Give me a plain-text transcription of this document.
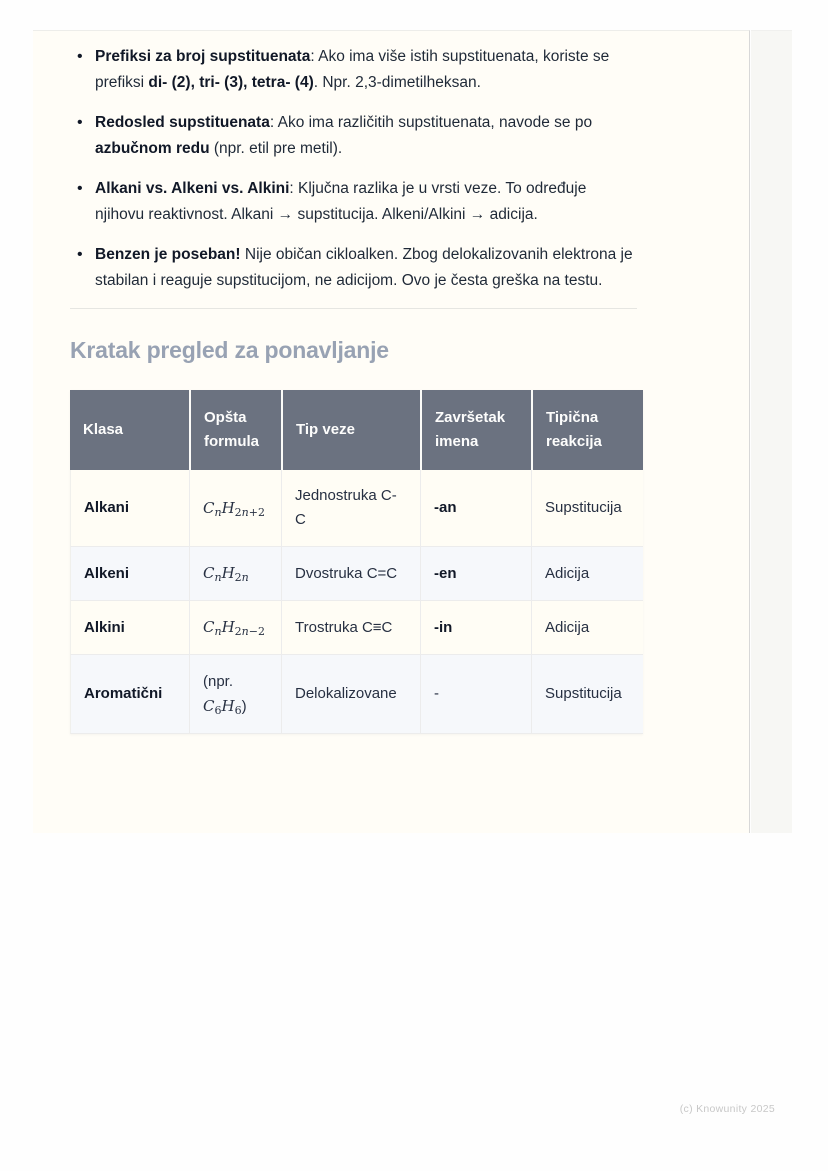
• Prefiksi za broj supstituenata: Ako ima više istih supstituenata, koriste se prefiksi di- (2), tri- (3), tetra- (4). Npr. 2,3-dimetilheksan.
• Redosled supstituenata: Ako ima različitih supstituenata, navode se po azbučnom redu (npr. etil pre metil).
• Alkani vs. Alkeni vs. Alkini: Ključna razlika je u vrsti veze. To određuje njihovu reaktivnost. Alkani → supstitucija. Alkeni/Alkini → adicija.
• Benzen je poseban! Nije običan cikloalken. Zbog delokalizovanih elektrona je stabilan i reaguje supstitucijom, ne adicijom. Ovo je česta greška na testu.
Kratak pregled za ponavljanje
Klasa	Opšta formula	Tip veze	Završetak imena	Tipična reakcija
Alkani	$C_nH_{2n+2}$	Jednostruka C-C	-an	Supstitucija
Alkeni	$C_nH_{2n}$	Dvostruka C=C	-en	Adicija
Alkini	$C_nH_{2n-2}$	Trostruka C≡C	-in	Adicija
Aromatični	(npr. $C_6H_6$)	Delokalizovane	-	Supstitucija
(c) Knowunity 2025
